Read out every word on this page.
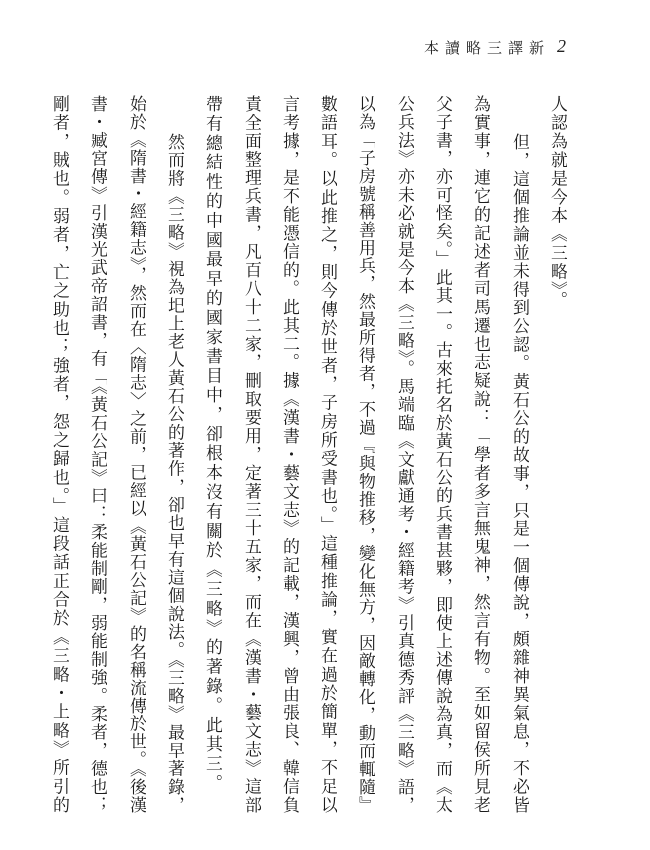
新譯三略讀本 2
人認為就是今本《三略》。
但，這個推論並未得到公認。黃石公的故事，只是一個傳說，頗雜神異氣息，不必皆
為實事，連它的記述者司馬遷也志疑說：「學者多言無鬼神，然言有物。至如留侯所見老
父子書，亦可怪矣。」此其一。古來托名於黃石公的兵書甚夥，即使上述傳說為真，而《太
公兵法》亦未必就是今本《三略》。馬端臨《文獻通考・經籍考》引真德秀評《三略》語，
以為「子房號稱善用兵，然最所得者，不過『與物推移，變化無方，因敵轉化，動而輒隨』
數語耳。以此推之，則今傳於世者，子房所受書也。」這種推論，實在過於簡單，不足以
言考據，是不能憑信的。此其二。據《漢書・藝文志》的記載，漢興，曾由張良、韓信負
責全面整理兵書，凡百八十二家，刪取要用，定著三十五家，而在《漢書・藝文志》這部
帶有總結性的中國最早的國家書目中，卻根本沒有關於《三略》的著錄。此其三。
然而將《三略》視為圯上老人黃石公的著作，卻也早有這個說法。《三略》最早著錄，
始於《隋書・經籍志》，然而在〈隋志〉之前，已經以《黃石公記》的名稱流傳於世。《後漢
書・臧宮傳》引漢光武帝詔書，有「《黃石公記》曰：柔能制剛，弱能制強。柔者，德也；
剛者，賊也。弱者，亡之助也；強者，怨之歸也。」這段話正合於《三略・上略》所引的
